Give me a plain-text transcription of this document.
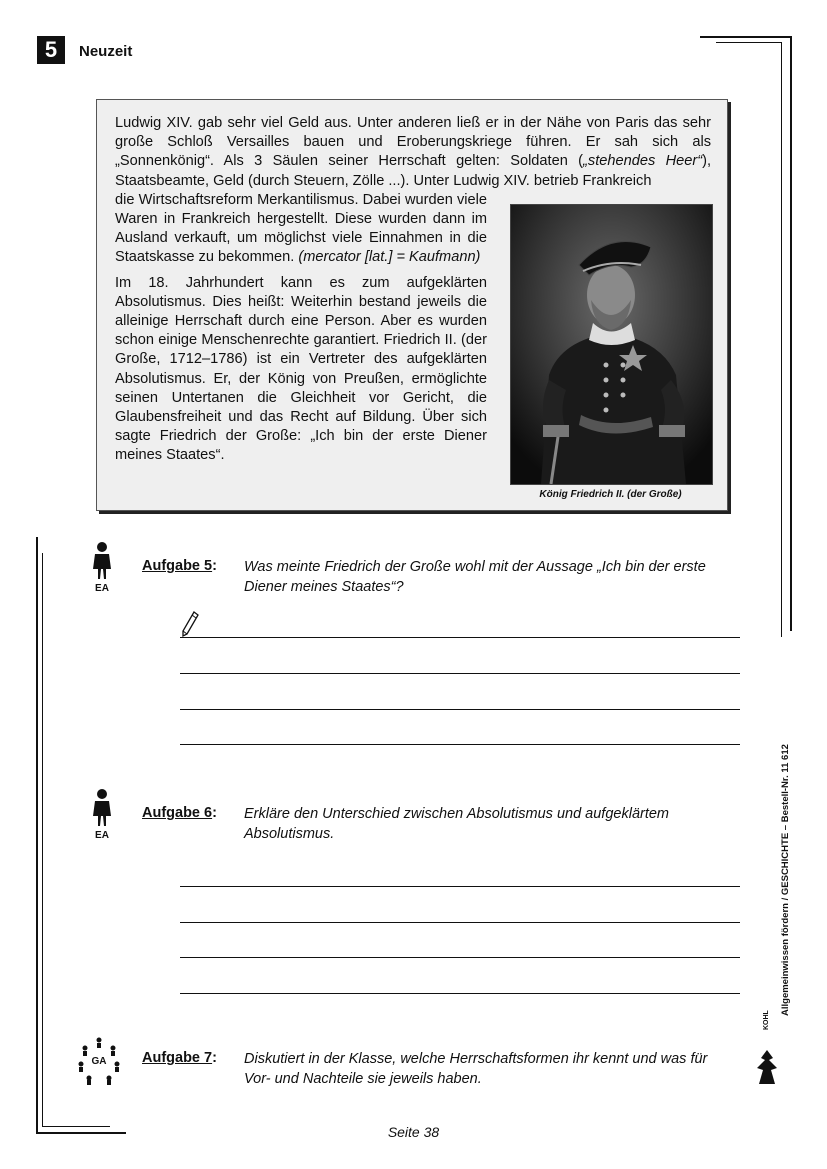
5	Neuzeit

Ludwig XIV. gab sehr viel Geld aus. Unter anderen ließ er in der Nähe von Paris das sehr große Schloß Versailles bauen und Eroberungskriege führen. Er sah sich als „Sonnenkönig“. Als 3 Säulen seiner Herrschaft gelten: Soldaten („stehendes Heer“), Staatsbeamte, Geld (durch Steuern, Zölle ...). Unter Ludwig XIV. betrieb Frankreich

die Wirtschaftsreform Merkantilismus. Dabei wurden viele Waren in Frankreich hergestellt. Diese wurden dann im Ausland verkauft, um möglichst viele Einnahmen in die Staatskasse zu bekommen. (mercator [lat.] = Kaufmann)

Im 18. Jahrhundert kann es zum aufgeklärten Absolutismus. Dies heißt: Weiterhin bestand jeweils die alleinige Herrschaft durch eine Person. Aber es wurden schon einige Menschenrechte garantiert. Friedrich II. (der Große, 1712–1786) ist ein Vertreter des aufgeklärten Absolutismus. Er, der König von Preußen, ermöglichte seinen Untertanen die Gleichheit vor Gericht, die Glaubensfreiheit und das Recht auf Bildung. Über sich sagte Friedrich der Große: „Ich bin der erste Diener meines Staates“.

König Friedrich II. (der Große)
EA
Aufgabe 5: Was meinte Friedrich der Große wohl mit der Aussage „Ich bin der erste Diener meines Staates“?
EA
Aufgabe 6: Erkläre den Unterschied zwischen Absolutismus und aufgeklärtem Absolutismus.
GA	Aufgabe 7: Diskutiert in der Klasse, welche Herrschaftsformen ihr kennt und was für Vor- und Nachteile sie jeweils haben.
Allgemeinwissen fördern / GESCHICHTE – Bestell-Nr. 11 612
KOHL
Seite 38
